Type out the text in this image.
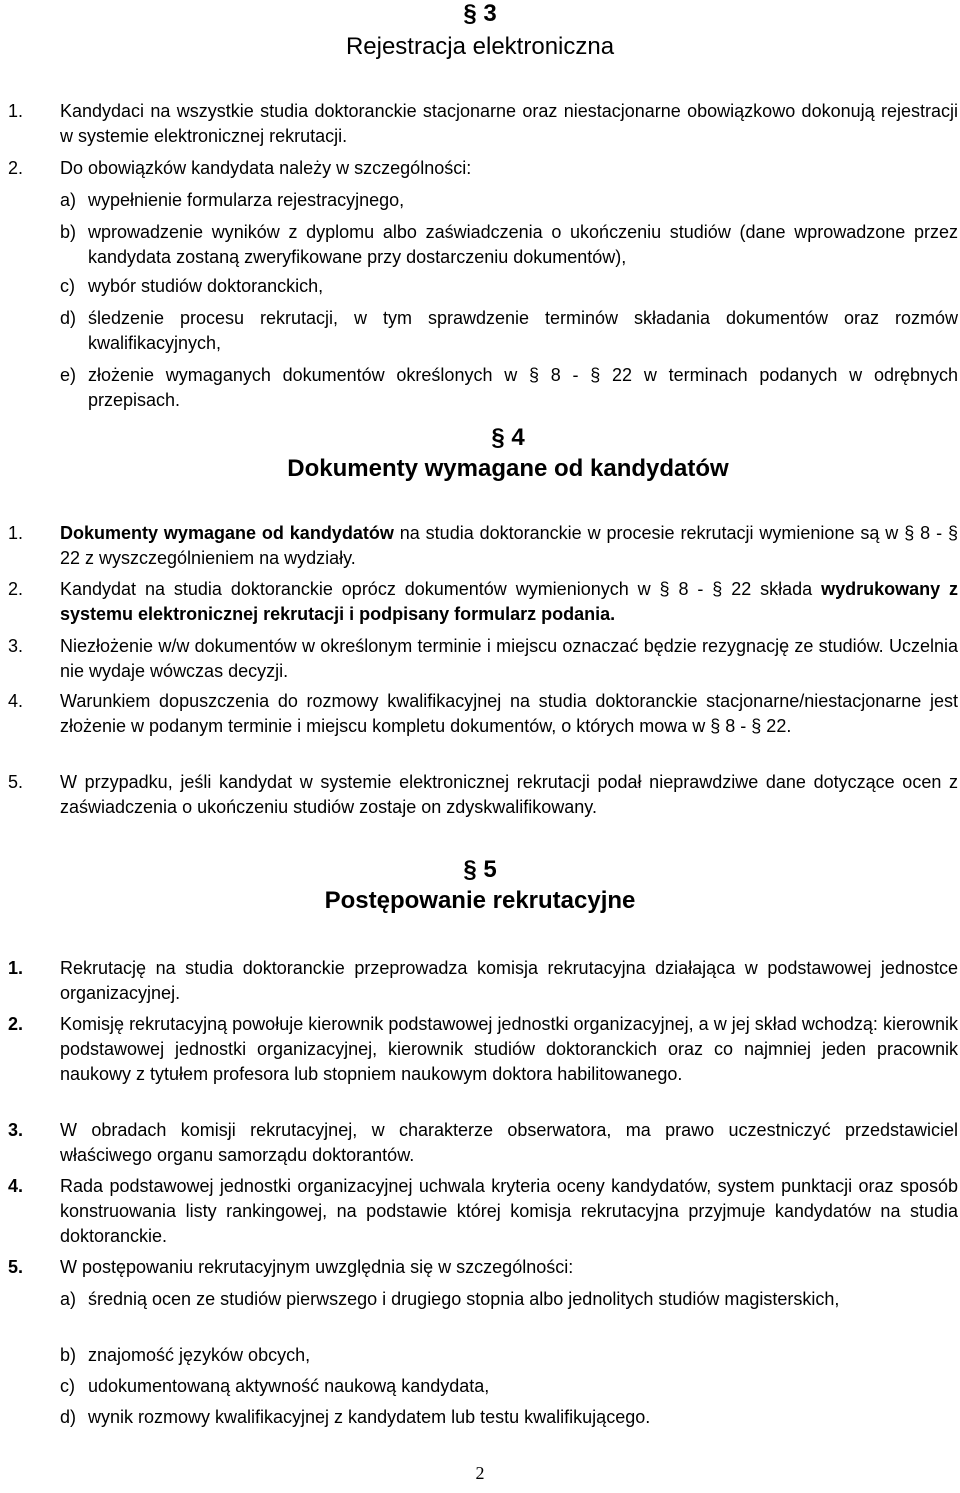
§ 3
Rejestracja elektroniczna

1. Kandydaci na wszystkie studia doktoranckie stacjonarne oraz niestacjonarne obowiązkowo dokonują rejestracji w systemie elektronicznej rekrutacji.

2. Do obowiązków kandydata należy w szczególności:

a) wypełnienie formularza rejestracyjnego,

b) wprowadzenie wyników z dyplomu albo zaświadczenia o ukończeniu studiów (dane wprowadzone przez kandydata zostaną zweryfikowane przy dostarczeniu dokumentów),

c) wybór studiów doktoranckich,

d) śledzenie procesu rekrutacji, w tym sprawdzenie terminów składania dokumentów oraz rozmów kwalifikacyjnych,

e) złożenie wymaganych dokumentów określonych w § 8 - § 22 w terminach podanych w odrębnych przepisach.

§ 4
Dokumenty wymagane od kandydatów

1. Dokumenty wymagane od kandydatów na studia doktoranckie w procesie rekrutacji wymienione są w § 8 - § 22 z wyszczególnieniem na wydziały.

2. Kandydat na studia doktoranckie oprócz dokumentów wymienionych w § 8 - § 22 składa wydrukowany z systemu elektronicznej rekrutacji i podpisany formularz podania.

3. Niezłożenie w/w dokumentów w określonym terminie i miejscu oznaczać będzie rezygnację ze studiów. Uczelnia nie wydaje wówczas decyzji.

4. Warunkiem dopuszczenia do rozmowy kwalifikacyjnej na studia doktoranckie stacjonarne/niestacjonarne jest złożenie w podanym terminie i miejscu kompletu dokumentów, o których mowa w § 8 - § 22.

5. W przypadku, jeśli kandydat w systemie elektronicznej rekrutacji podał nieprawdziwe dane dotyczące ocen z zaświadczenia o ukończeniu studiów zostaje on zdyskwalifikowany.

§ 5
Postępowanie rekrutacyjne

1. Rekrutację na studia doktoranckie przeprowadza komisja rekrutacyjna działająca w podstawowej jednostce organizacyjnej.

2. Komisję rekrutacyjną powołuje kierownik podstawowej jednostki organizacyjnej, a w jej skład wchodzą: kierownik podstawowej jednostki organizacyjnej, kierownik studiów doktoranckich oraz co najmniej jeden pracownik naukowy z tytułem profesora lub stopniem naukowym doktora habilitowanego.

3. W obradach komisji rekrutacyjnej, w charakterze obserwatora, ma prawo uczestniczyć przedstawiciel właściwego organu samorządu doktorantów.

4. Rada podstawowej jednostki organizacyjnej uchwala kryteria oceny kandydatów, system punktacji oraz sposób konstruowania listy rankingowej, na podstawie której komisja rekrutacyjna przyjmuje kandydatów na studia doktoranckie.

5. W postępowaniu rekrutacyjnym uwzględnia się w szczególności:

a) średnią ocen ze studiów pierwszego i drugiego stopnia albo jednolitych studiów magisterskich,

b) znajomość języków obcych,

c) udokumentowaną aktywność naukową kandydata,

d) wynik rozmowy kwalifikacyjnej z kandydatem lub testu kwalifikującego.

2
